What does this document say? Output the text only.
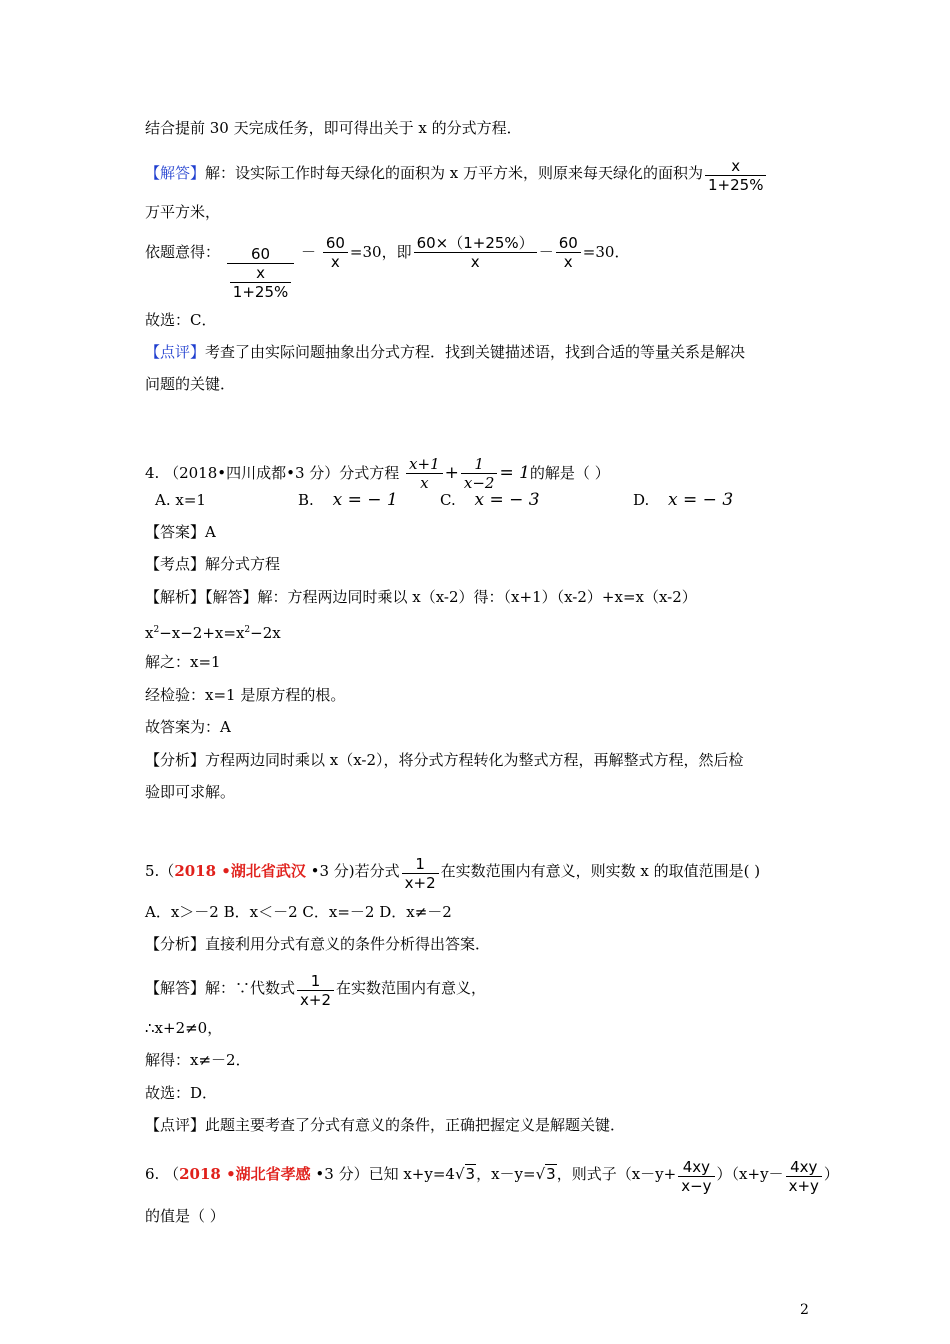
结合提前 30 天完成任务，即可得出关于 x 的分式方程．
【解答】解：设实际工作时每天绿化的面积为 x 万平方米，则原来每天绿化的面积为 $\frac{x}{1+25\%}$
万平方米，
依题意得： $\frac{60}{\frac{x}{1+25\%}} - \frac{60}{x} =30$，即 $\frac{60\times(1+25\%)}{x} - \frac{60}{x} =30$．
故选：C．
【点评】考查了由实际问题抽象出分式方程．找到关键描述语，找到合适的等量关系是解决
问题的关键．
4. （2018•四川成都•3 分）分式方程 $\frac{x+1}{x} + \frac{1}{x-2} = 1$的解是（ ）
A. x=1	B. x = − 1	C. x = − 3	D. x = − 3
【答案】A
【考点】解分式方程
【解析】【解答】解：方程两边同时乘以 x（x-2）得：（x+1）（x-2）+x=x（x-2）
$x^2-x-2+x=x^2-2x$
解之：x=1
经检验：x=1 是原方程的根。
故答案为：A
【分析】方程两边同时乘以 x（x-2），将分式方程转化为整式方程，再解整式方程，然后检
验即可求解。
5.（2018 •湖北省武汉 •3 分)若分式 $\frac{1}{x+2}$ 在实数范围内有意义，则实数 x 的取值范围是( )
A．x＞－2 B．x＜－2 C．x=－2 D．x≠－2
【分析】直接利用分式有意义的条件分析得出答案．
【解答】解：∵代数式 $\frac{1}{x+2}$ 在实数范围内有意义，
∴x+2≠0，
解得：x≠－2．
故选：D．
【点评】此题主要考查了分式有意义的条件，正确把握定义是解题关键．
6. （2018 •湖北省孝感 •3 分）已知 x+y=4√3，x－y=√3，则式子$(x-y+ \frac{4xy}{x-y} )(x+y- \frac{4xy}{x+y}$ ）
的值是（ ）
2
